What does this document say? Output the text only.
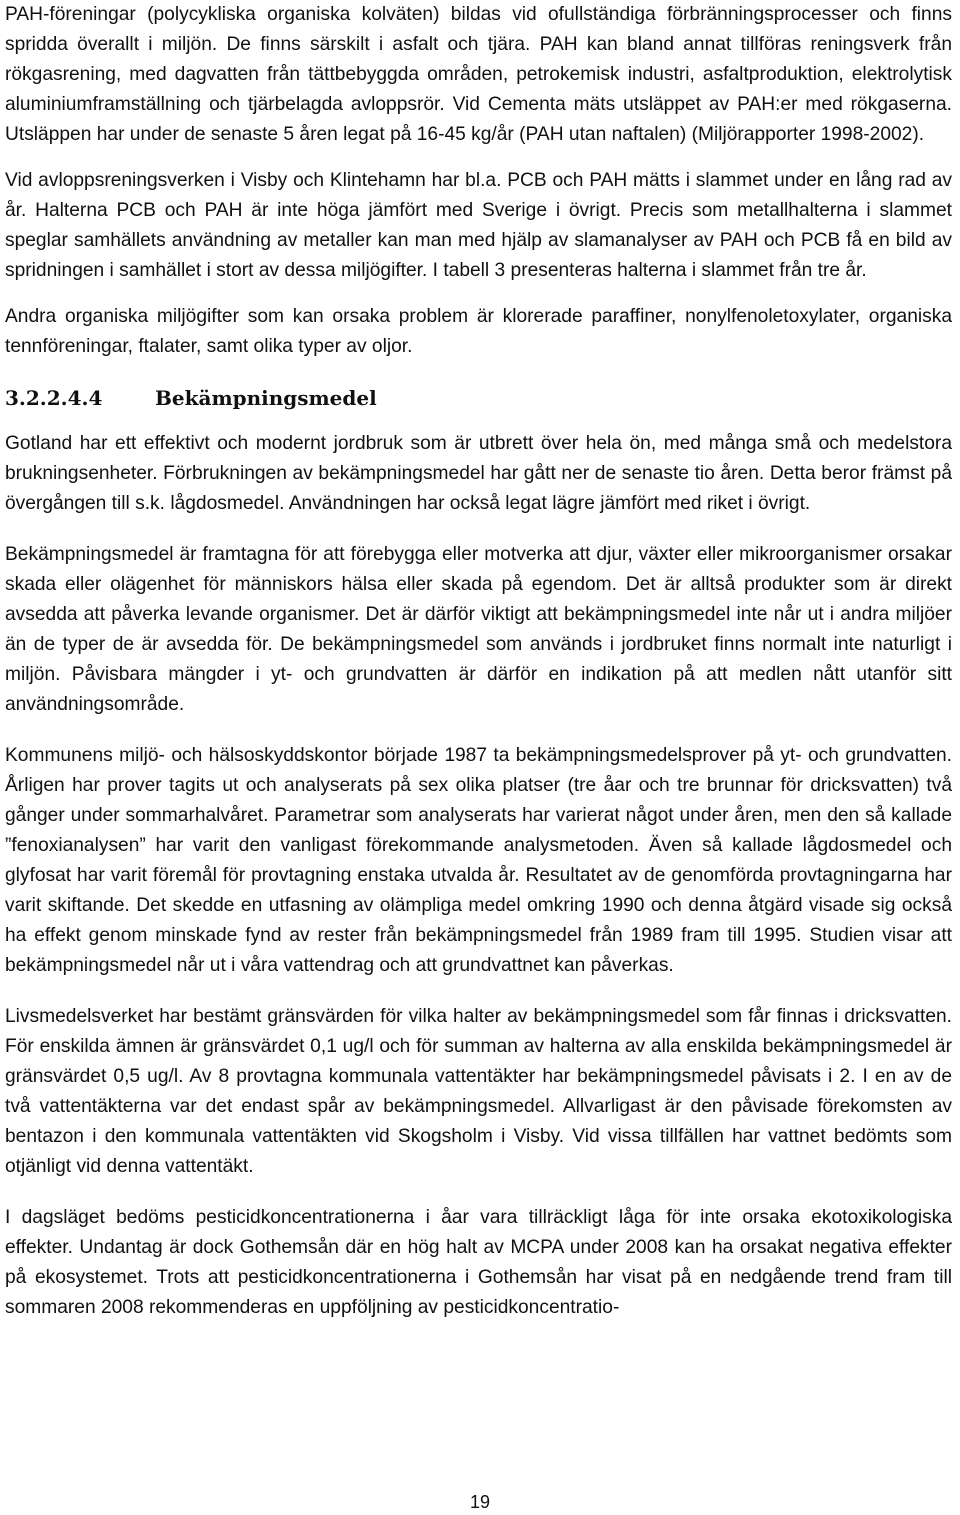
PAH-föreningar (polycykliska organiska kolväten) bildas vid ofullständiga förbränningsprocesser och finns spridda överallt i miljön. De finns särskilt i asfalt och tjära. PAH kan bland annat tillföras reningsverk från rökgasrening, med dagvatten från tättbebyggda områden, petrokemisk industri, asfaltproduktion, elektrolytisk aluminiumframställning och tjärbelagda avloppsrör. Vid Cementa mäts utsläppet av PAH:er med rökgaserna. Utsläppen har under de senaste 5 åren legat på 16-45 kg/år (PAH utan naftalen) (Miljörapporter 1998-2002).

Vid avloppsreningsverken i Visby och Klintehamn har bl.a. PCB och PAH mätts i slammet under en lång rad av år. Halterna PCB och PAH är inte höga jämfört med Sverige i övrigt. Precis som metallhalterna i slammet speglar samhällets användning av metaller kan man med hjälp av slamanalyser av PAH och PCB få en bild av spridningen i samhället i stort av dessa miljögifter. I tabell 3 presenteras halterna i slammet från tre år.

Andra organiska miljögifter som kan orsaka problem är klorerade paraffiner, nonylfenoletoxylater, organiska tennföreningar, ftalater, samt olika typer av oljor.

3.2.2.4.4	Bekämpningsmedel

Gotland har ett effektivt och modernt jordbruk som är utbrett över hela ön, med många små och medelstora brukningsenheter. Förbrukningen av bekämpningsmedel har gått ner de senaste tio åren. Detta beror främst på övergången till s.k. lågdosmedel. Användningen har också legat lägre jämfört med riket i övrigt.

Bekämpningsmedel är framtagna för att förebygga eller motverka att djur, växter eller mikroorganismer orsakar skada eller olägenhet för människors hälsa eller skada på egendom. Det är alltså produkter som är direkt avsedda att påverka levande organismer. Det är därför viktigt att bekämpningsmedel inte når ut i andra miljöer än de typer de är avsedda för. De bekämpningsmedel som används i jordbruket finns normalt inte naturligt i miljön. Påvisbara mängder i yt- och grundvatten är därför en indikation på att medlen nått utanför sitt användningsområde.

Kommunens miljö- och hälsoskyddskontor började 1987 ta bekämpningsmedelsprover på yt- och grundvatten. Årligen har prover tagits ut och analyserats på sex olika platser (tre åar och tre brunnar för dricksvatten) två gånger under sommarhalvåret. Parametrar som analyserats har varierat något under åren, men den så kallade ”fenoxianalysen” har varit den vanligast förekommande analysmetoden. Även så kallade lågdosmedel och glyfosat har varit föremål för provtagning enstaka utvalda år. Resultatet av de genomförda provtagningarna har varit skiftande. Det skedde en utfasning av olämpliga medel omkring 1990 och denna åtgärd visade sig också ha effekt genom minskade fynd av rester från bekämpningsmedel från 1989 fram till 1995. Studien visar att bekämpningsmedel når ut i våra vattendrag och att grundvattnet kan påverkas.

Livsmedelsverket har bestämt gränsvärden för vilka halter av bekämpningsmedel som får finnas i dricksvatten. För enskilda ämnen är gränsvärdet 0,1 ug/l och för summan av halterna av alla enskilda bekämpningsmedel är gränsvärdet 0,5 ug/l. Av 8 provtagna kommunala vattentäkter har bekämpningsmedel påvisats i 2. I en av de två vattentäkterna var det endast spår av bekämpningsmedel. Allvarligast är den påvisade förekomsten av bentazon i den kommunala vattentäkten vid Skogsholm i Visby. Vid vissa tillfällen har vattnet bedömts som otjänligt vid denna vattentäkt.

I dagsläget bedöms pesticidkoncentrationerna i åar vara tillräckligt låga för inte orsaka ekotoxikologiska effekter. Undantag är dock Gothemsån där en hög halt av MCPA under 2008 kan ha orsakat negativa effekter på ekosystemet. Trots att pesticidkoncentrationerna i Gothemsån har visat på en nedgående trend fram till sommaren 2008 rekommenderas en uppföljning av pesticidkoncentratio-

19
